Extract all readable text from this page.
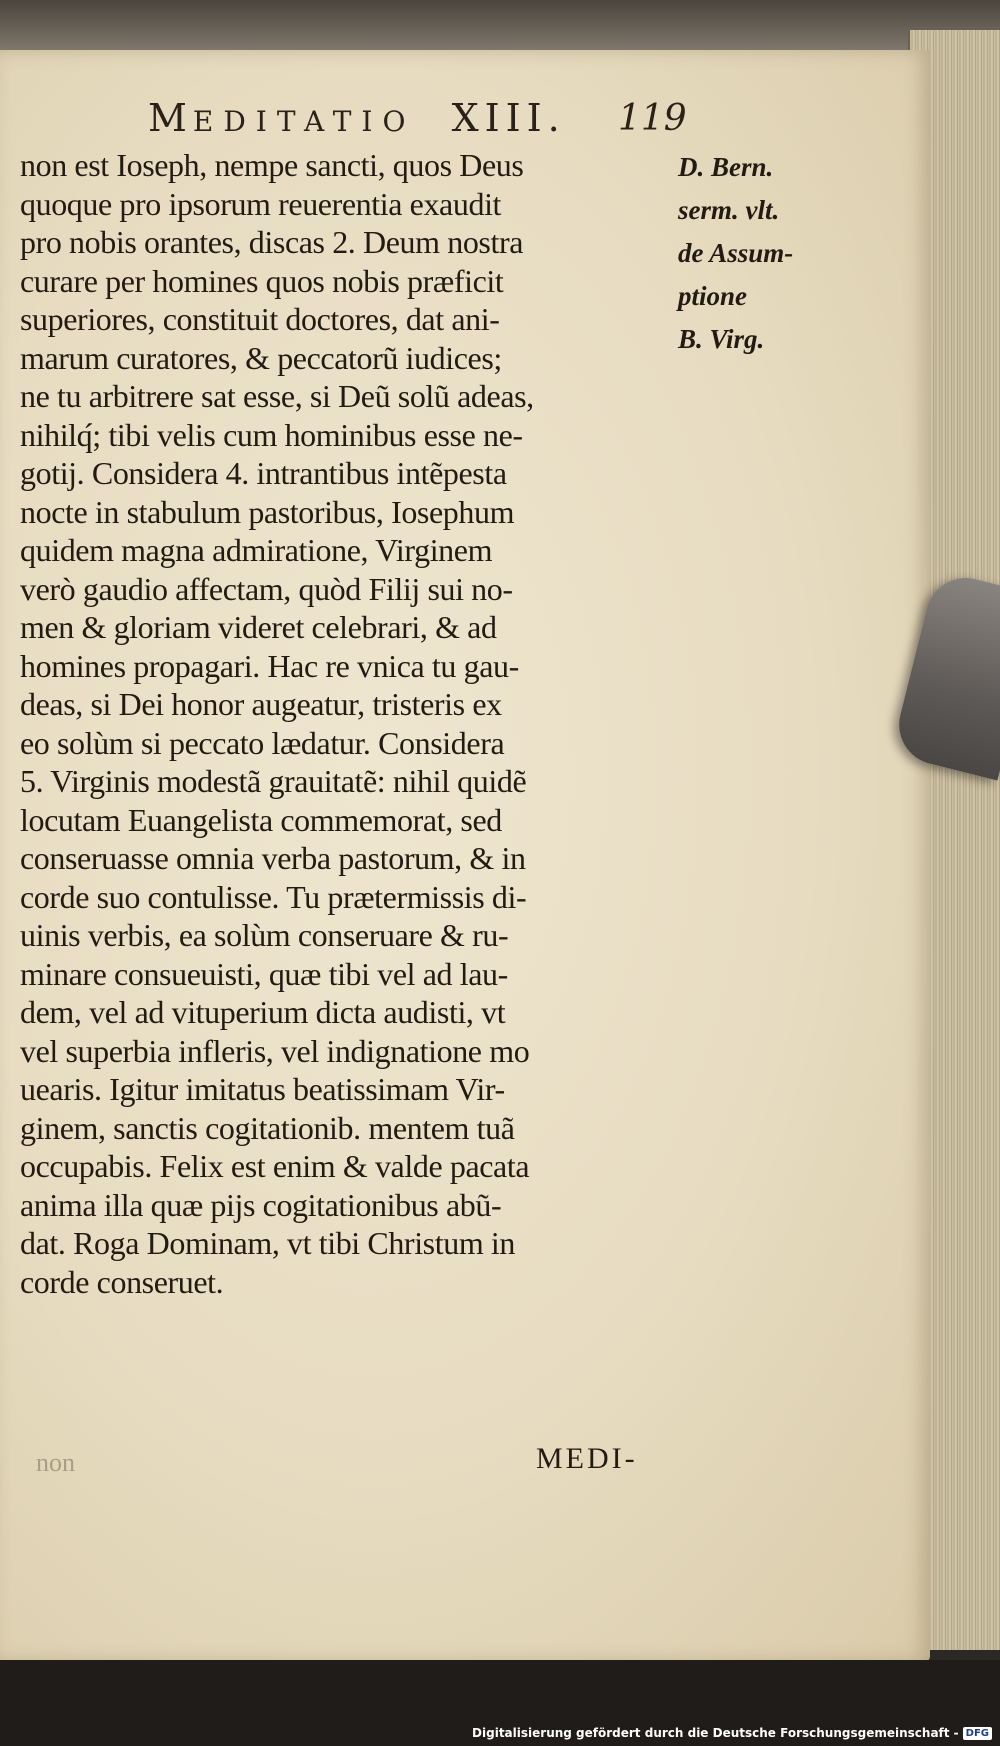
MEDITATIO XIII. 119
non est Ioseph, nempe sancti, quos Deus
quoque pro ipsorum reuerentia exaudit
pro nobis orantes, discas 2. Deum nostra
curare per homines quos nobis præficit
superiores, constituit doctores, dat ani-
marum curatores, & peccatorũ iudices;
ne tu arbitrere sat esse, si Deũ solũ adeas,
nihilq́; tibi velis cum hominibus esse ne-
gotij. Considera 4. intrantibus intẽpesta
nocte in stabulum pastoribus, Iosephum
quidem magna admiratione, Virginem
verò gaudio affectam, quòd Filij sui no-
men & gloriam videret celebrari, & ad
homines propagari. Hac re vnica tu gau-
deas, si Dei honor augeatur, tristeris ex
eo solùm si peccato lædatur. Considera
5. Virginis modestã grauitatẽ: nihil quidẽ
locutam Euangelista commemorat, sed
conseruasse omnia verba pastorum, & in
corde suo contulisse. Tu prætermissis di-
uinis verbis, ea solùm conseruare & ru-
minare consueuisti, quæ tibi vel ad lau-
dem, vel ad vituperium dicta audisti, vt
vel superbia infleris, vel indignatione mo
uearis. Igitur imitatus beatissimam Vir-
ginem, sanctis cogitationib. mentem tuã
occupabis. Felix est enim & valde pacata
anima illa quæ pijs cogitationibus abũ-
dat. Roga Dominam, vt tibi Christum in
corde conseruet.
D. Bern.
serm. vlt.
de Assum-
ptione
B. Virg.
non	MEDI-
Digitalisierung gefördert durch die Deutsche Forschungsgemeinschaft - DFG
